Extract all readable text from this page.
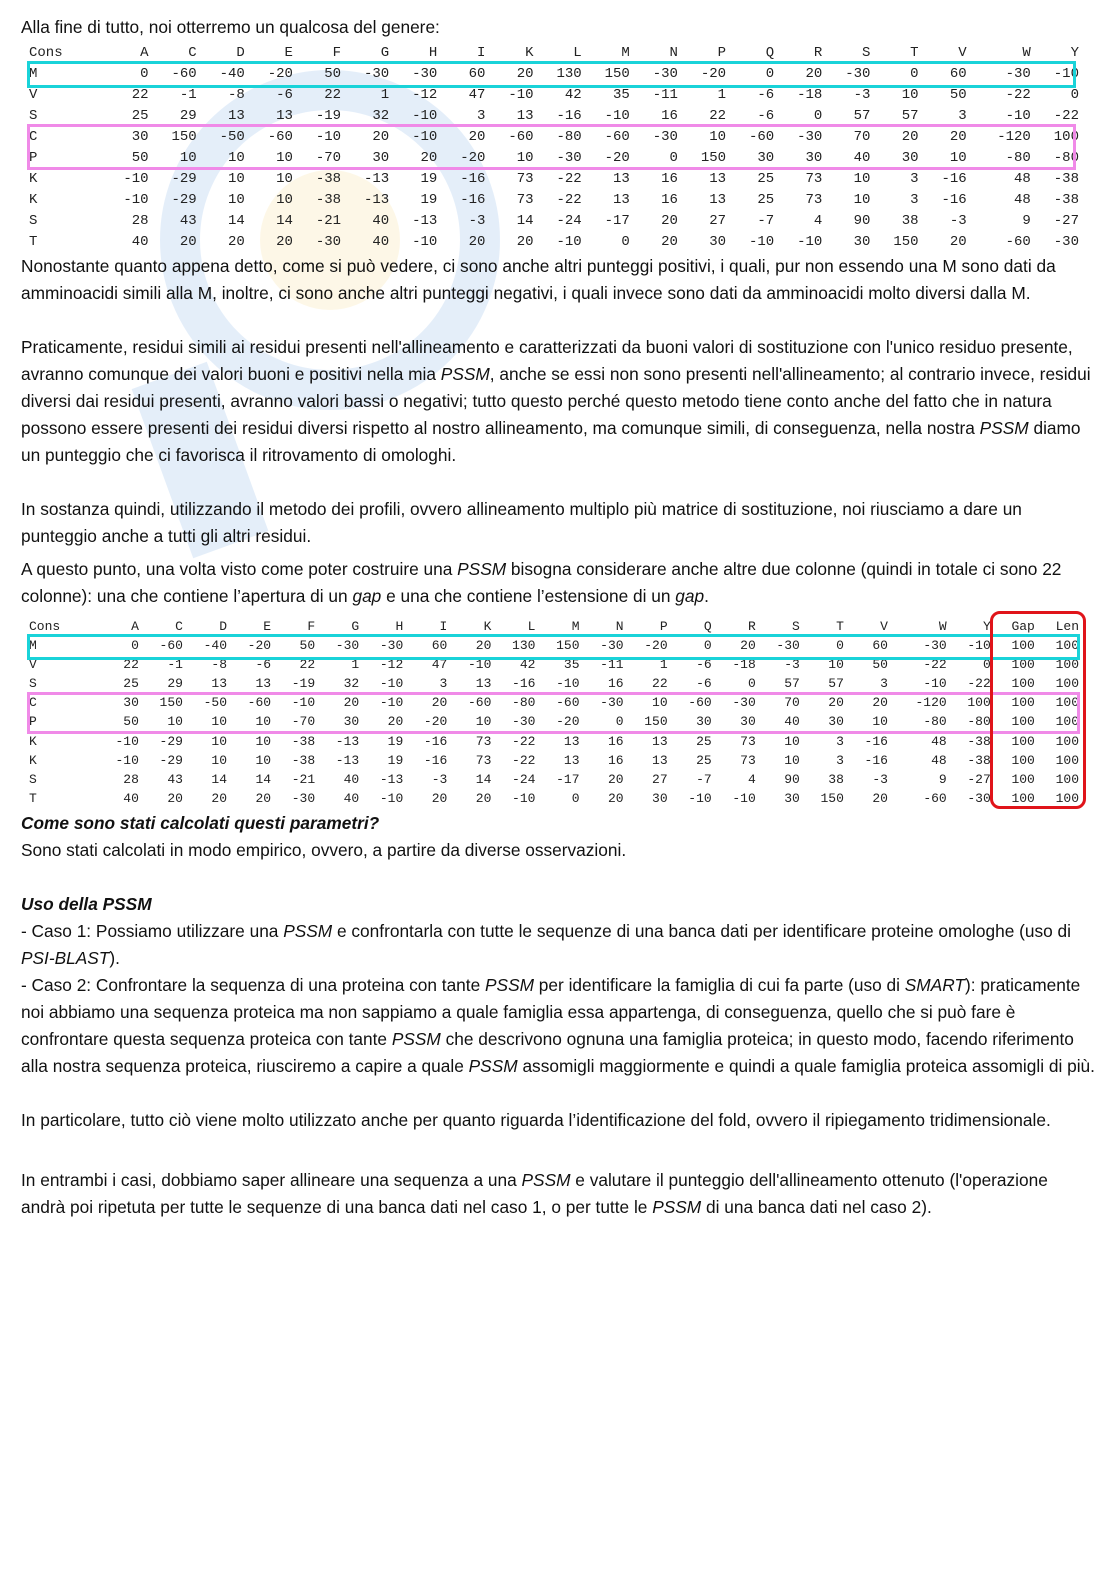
Alla fine di tutto, noi otterremo un qualcosa del genere:

Cons	A	C	D	E	F	G	H	I	K	L	M	N	P	Q	R	S	T	V	W	Y
M	0	-60	-40	-20	50	-30	-30	60	20	130	150	-30	-20	0	20	-30	0	60	-30	-10
V	22	-1	-8	-6	22	1	-12	47	-10	42	35	-11	1	-6	-18	-3	10	50	-22	0
S	25	29	13	13	-19	32	-10	3	13	-16	-10	16	22	-6	0	57	57	3	-10	-22
C	30	150	-50	-60	-10	20	-10	20	-60	-80	-60	-30	10	-60	-30	70	20	20	-120	100
P	50	10	10	10	-70	30	20	-20	10	-30	-20	0	150	30	30	40	30	10	-80	-80
K	-10	-29	10	10	-38	-13	19	-16	73	-22	13	16	13	25	73	10	3	-16	48	-38
K	-10	-29	10	10	-38	-13	19	-16	73	-22	13	16	13	25	73	10	3	-16	48	-38
S	28	43	14	14	-21	40	-13	-3	14	-24	-17	20	27	-7	4	90	38	-3	9	-27
T	40	20	20	20	-30	40	-10	20	20	-10	0	20	30	-10	-10	30	150	20	-60	-30

Nonostante quanto appena detto, come si può vedere, ci sono anche altri punteggi positivi, i quali, pur non essendo una M sono dati da amminoacidi simili alla M, inoltre, ci sono anche altri punteggi negativi, i quali invece sono dati da amminoacidi molto diversi dalla M.

Praticamente, residui simili ai residui presenti nell'allineamento e caratterizzati da buoni valori di sostituzione con l'unico residuo presente, avranno comunque dei valori buoni e positivi nella mia PSSM, anche se essi non sono presenti nell'allineamento; al contrario invece, residui diversi dai residui presenti, avranno valori bassi o negativi; tutto questo perché questo metodo tiene conto anche del fatto che in natura possono essere presenti dei residui diversi rispetto al nostro allineamento, ma comunque simili, di conseguenza, nella nostra PSSM diamo un punteggio che ci favorisca il ritrovamento di omologhi.

In sostanza quindi, utilizzando il metodo dei profili, ovvero allineamento multiplo più matrice di sostituzione, noi riusciamo a dare un punteggio anche a tutti gli altri residui.

A questo punto, una volta visto come poter costruire una PSSM bisogna considerare anche altre due colonne (quindi in totale ci sono 22 colonne): una che contiene l’apertura di un gap e una che contiene l’estensione di un gap.

Cons	A	C	D	E	F	G	H	I	K	L	M	N	P	Q	R	S	T	V	W	Y	Gap	Len
M	0	-60	-40	-20	50	-30	-30	60	20	130	150	-30	-20	0	20	-30	0	60	-30	-10	100	100
V	22	-1	-8	-6	22	1	-12	47	-10	42	35	-11	1	-6	-18	-3	10	50	-22	0	100	100
S	25	29	13	13	-19	32	-10	3	13	-16	-10	16	22	-6	0	57	57	3	-10	-22	100	100
C	30	150	-50	-60	-10	20	-10	20	-60	-80	-60	-30	10	-60	-30	70	20	20	-120	100	100	100
P	50	10	10	10	-70	30	20	-20	10	-30	-20	0	150	30	30	40	30	10	-80	-80	100	100
K	-10	-29	10	10	-38	-13	19	-16	73	-22	13	16	13	25	73	10	3	-16	48	-38	100	100
K	-10	-29	10	10	-38	-13	19	-16	73	-22	13	16	13	25	73	10	3	-16	48	-38	100	100
S	28	43	14	14	-21	40	-13	-3	14	-24	-17	20	27	-7	4	90	38	-3	9	-27	100	100
T	40	20	20	20	-30	40	-10	20	20	-10	0	20	30	-10	-10	30	150	20	-60	-30	100	100

Come sono stati calcolati questi parametri?

Sono stati calcolati in modo empirico, ovvero, a partire da diverse osservazioni.

Uso della PSSM

- Caso 1: Possiamo utilizzare una PSSM e confrontarla con tutte le sequenze di una banca dati per identificare proteine omologhe (uso di PSI-BLAST).

- Caso 2: Confrontare la sequenza di una proteina con tante PSSM per identificare la famiglia di cui fa parte (uso di SMART): praticamente noi abbiamo una sequenza proteica ma non sappiamo a quale famiglia essa appartenga, di conseguenza, quello che si può fare è confrontare questa sequenza proteica con tante PSSM che descrivono ognuna una famiglia proteica; in questo modo, facendo riferimento alla nostra sequenza proteica, riusciremo a capire a quale PSSM assomigli maggiormente e quindi a quale famiglia proteica assomigli di più.

In particolare, tutto ciò viene molto utilizzato anche per quanto riguarda l’identificazione del fold, ovvero il ripiegamento tridimensionale.

In entrambi i casi, dobbiamo saper allineare una sequenza a una PSSM e valutare il punteggio dell'allineamento ottenuto (l'operazione andrà poi ripetuta per tutte le sequenze di una banca dati nel caso 1, o per tutte le PSSM di una banca dati nel caso 2).
